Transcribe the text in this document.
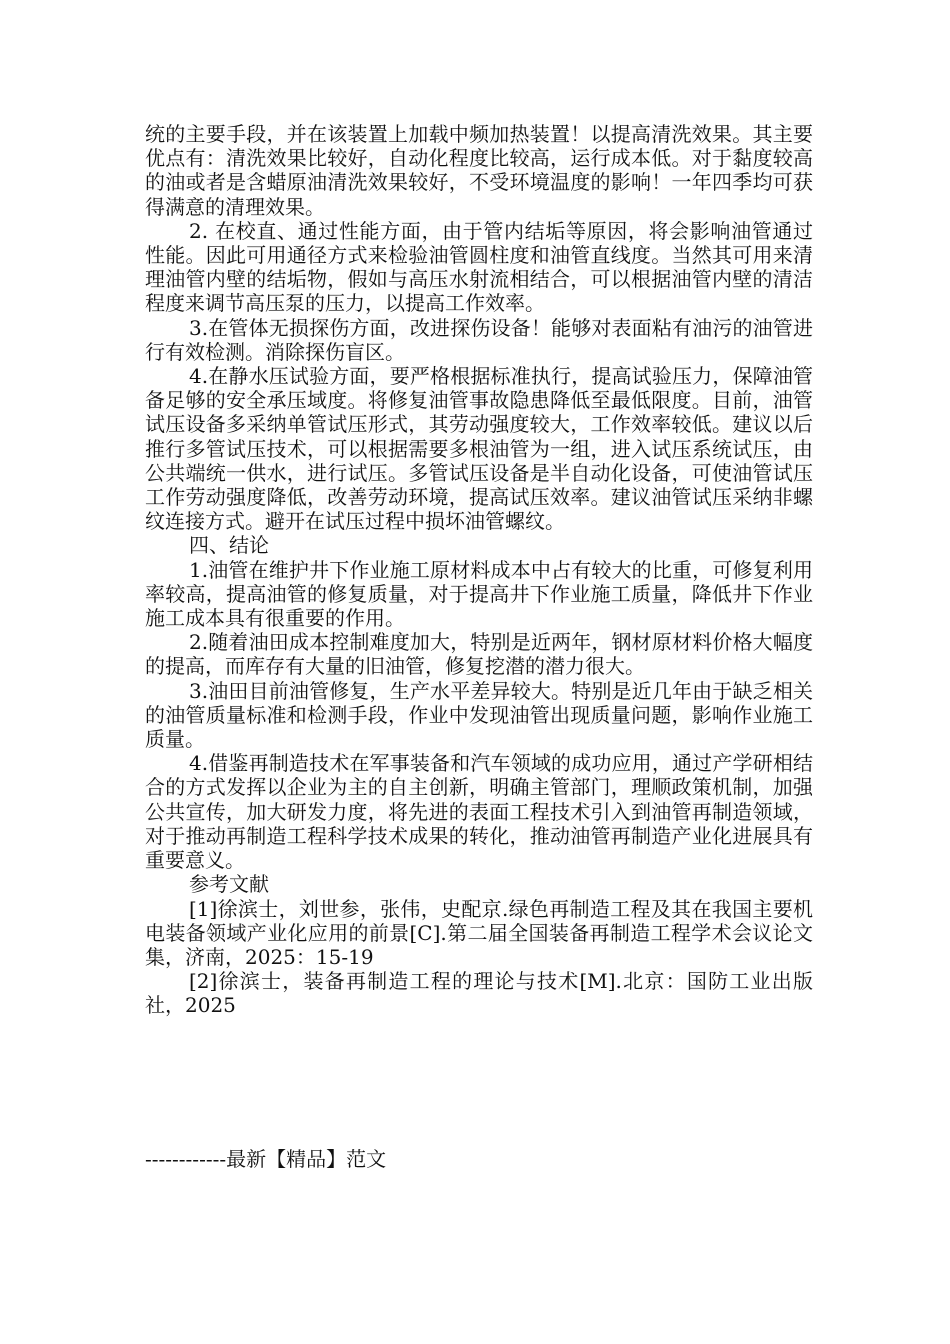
统的主要手段，并在该装置上加载中频加热装置！以提高清洗效果。其主要优点有：清洗效果比较好，自动化程度比较高，运行成本低。对于黏度较高的油或者是含蜡原油清洗效果较好，不受环境温度的影响！一年四季均可获得满意的清理效果。

2. 在校直、通过性能方面，由于管内结垢等原因，将会影响油管通过性能。因此可用通径方式来检验油管圆柱度和油管直线度。当然其可用来清理油管内壁的结垢物，假如与高压水射流相结合，可以根据油管内壁的清洁程度来调节高压泵的压力，以提高工作效率。

3.在管体无损探伤方面，改进探伤设备！能够对表面粘有油污的油管进行有效检测。消除探伤盲区。

4.在静水压试验方面，要严格根据标准执行，提高试验压力，保障油管备足够的安全承压域度。将修复油管事故隐患降低至最低限度。目前，油管试压设备多采纳单管试压形式，其劳动强度较大，工作效率较低。建议以后推行多管试压技术，可以根据需要多根油管为一组，进入试压系统试压，由公共端统一供水，进行试压。多管试压设备是半自动化设备，可使油管试压工作劳动强度降低，改善劳动环境，提高试压效率。建议油管试压采纳非螺纹连接方式。避开在试压过程中损坏油管螺纹。

四、结论

1.油管在维护井下作业施工原材料成本中占有较大的比重，可修复利用率较高，提高油管的修复质量，对于提高井下作业施工质量，降低井下作业施工成本具有很重要的作用。

2.随着油田成本控制难度加大，特别是近两年，钢材原材料价格大幅度的提高，而库存有大量的旧油管，修复挖潜的潜力很大。

3.油田目前油管修复，生产水平差异较大。特别是近几年由于缺乏相关的油管质量标准和检测手段，作业中发现油管出现质量问题，影响作业施工质量。

4.借鉴再制造技术在军事装备和汽车领域的成功应用，通过产学研相结合的方式发挥以企业为主的自主创新，明确主管部门，理顺政策机制，加强公共宣传，加大研发力度，将先进的表面工程技术引入到油管再制造领域，对于推动再制造工程科学技术成果的转化，推动油管再制造产业化进展具有重要意义。

参考文献

[1]徐滨士，刘世参，张伟，史配京.绿色再制造工程及其在我国主要机电装备领域产业化应用的前景[C].第二届全国装备再制造工程学术会议论文集，济南，2025：15-19

[2]徐滨士，装备再制造工程的理论与技术[M].北京：国防工业出版社，2025

------------最新【精品】范文
